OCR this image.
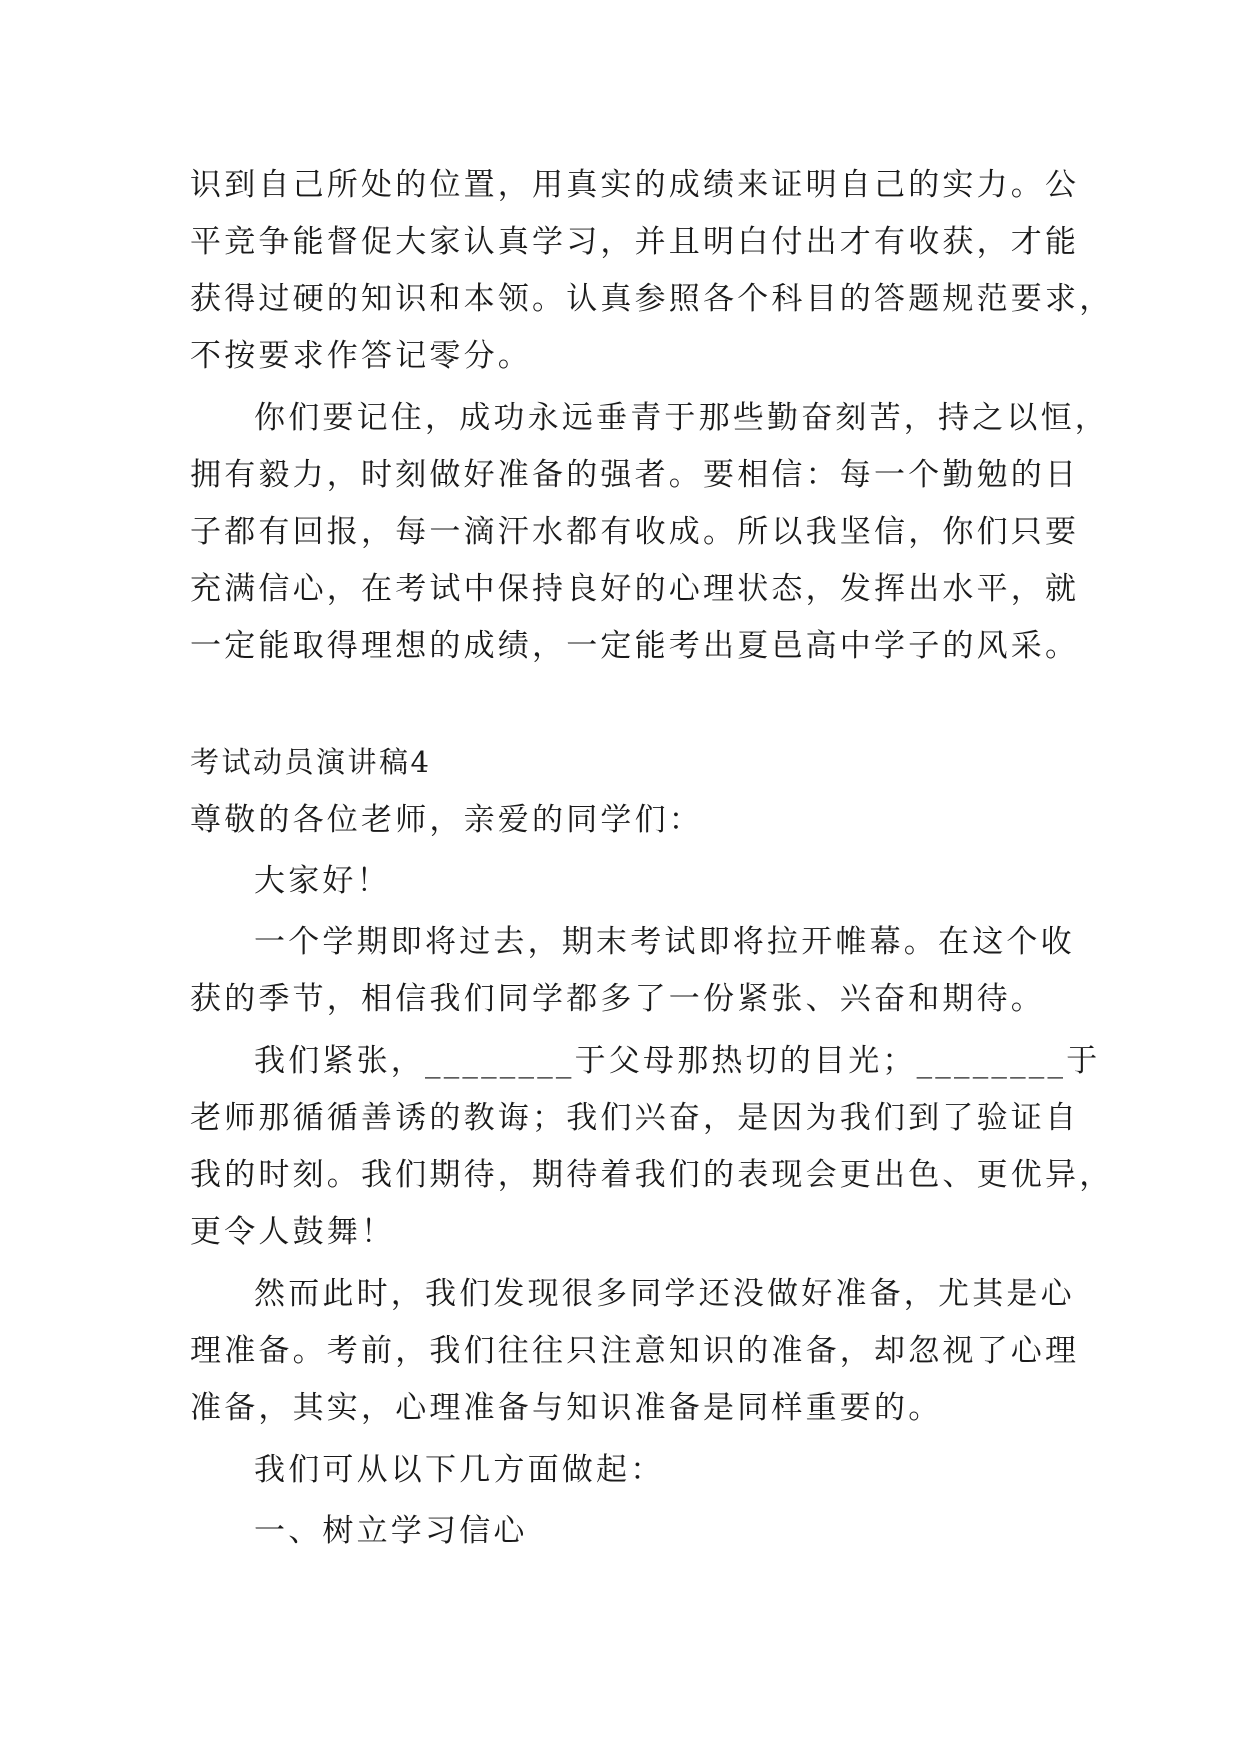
识到自己所处的位置，用真实的成绩来证明自己的实力。公
平竞争能督促大家认真学习，并且明白付出才有收获，才能
获得过硬的知识和本领。认真参照各个科目的答题规范要求，
不按要求作答记零分。
你们要记住，成功永远垂青于那些勤奋刻苦，持之以恒，
拥有毅力，时刻做好准备的强者。要相信：每一个勤勉的日
子都有回报，每一滴汗水都有收成。所以我坚信，你们只要
充满信心，在考试中保持良好的心理状态，发挥出水平，就
一定能取得理想的成绩，一定能考出夏邑高中学子的风采。
考试动员演讲稿4
尊敬的各位老师，亲爱的同学们：
大家好！
一个学期即将过去，期末考试即将拉开帷幕。在这个收
获的季节，相信我们同学都多了一份紧张、兴奋和期待。
我们紧张，________于父母那热切的目光；________于
老师那循循善诱的教诲；我们兴奋，是因为我们到了验证自
我的时刻。我们期待，期待着我们的表现会更出色、更优异，
更令人鼓舞！
然而此时，我们发现很多同学还没做好准备，尤其是心
理准备。考前，我们往往只注意知识的准备，却忽视了心理
准备，其实，心理准备与知识准备是同样重要的。
我们可从以下几方面做起：
一、树立学习信心
